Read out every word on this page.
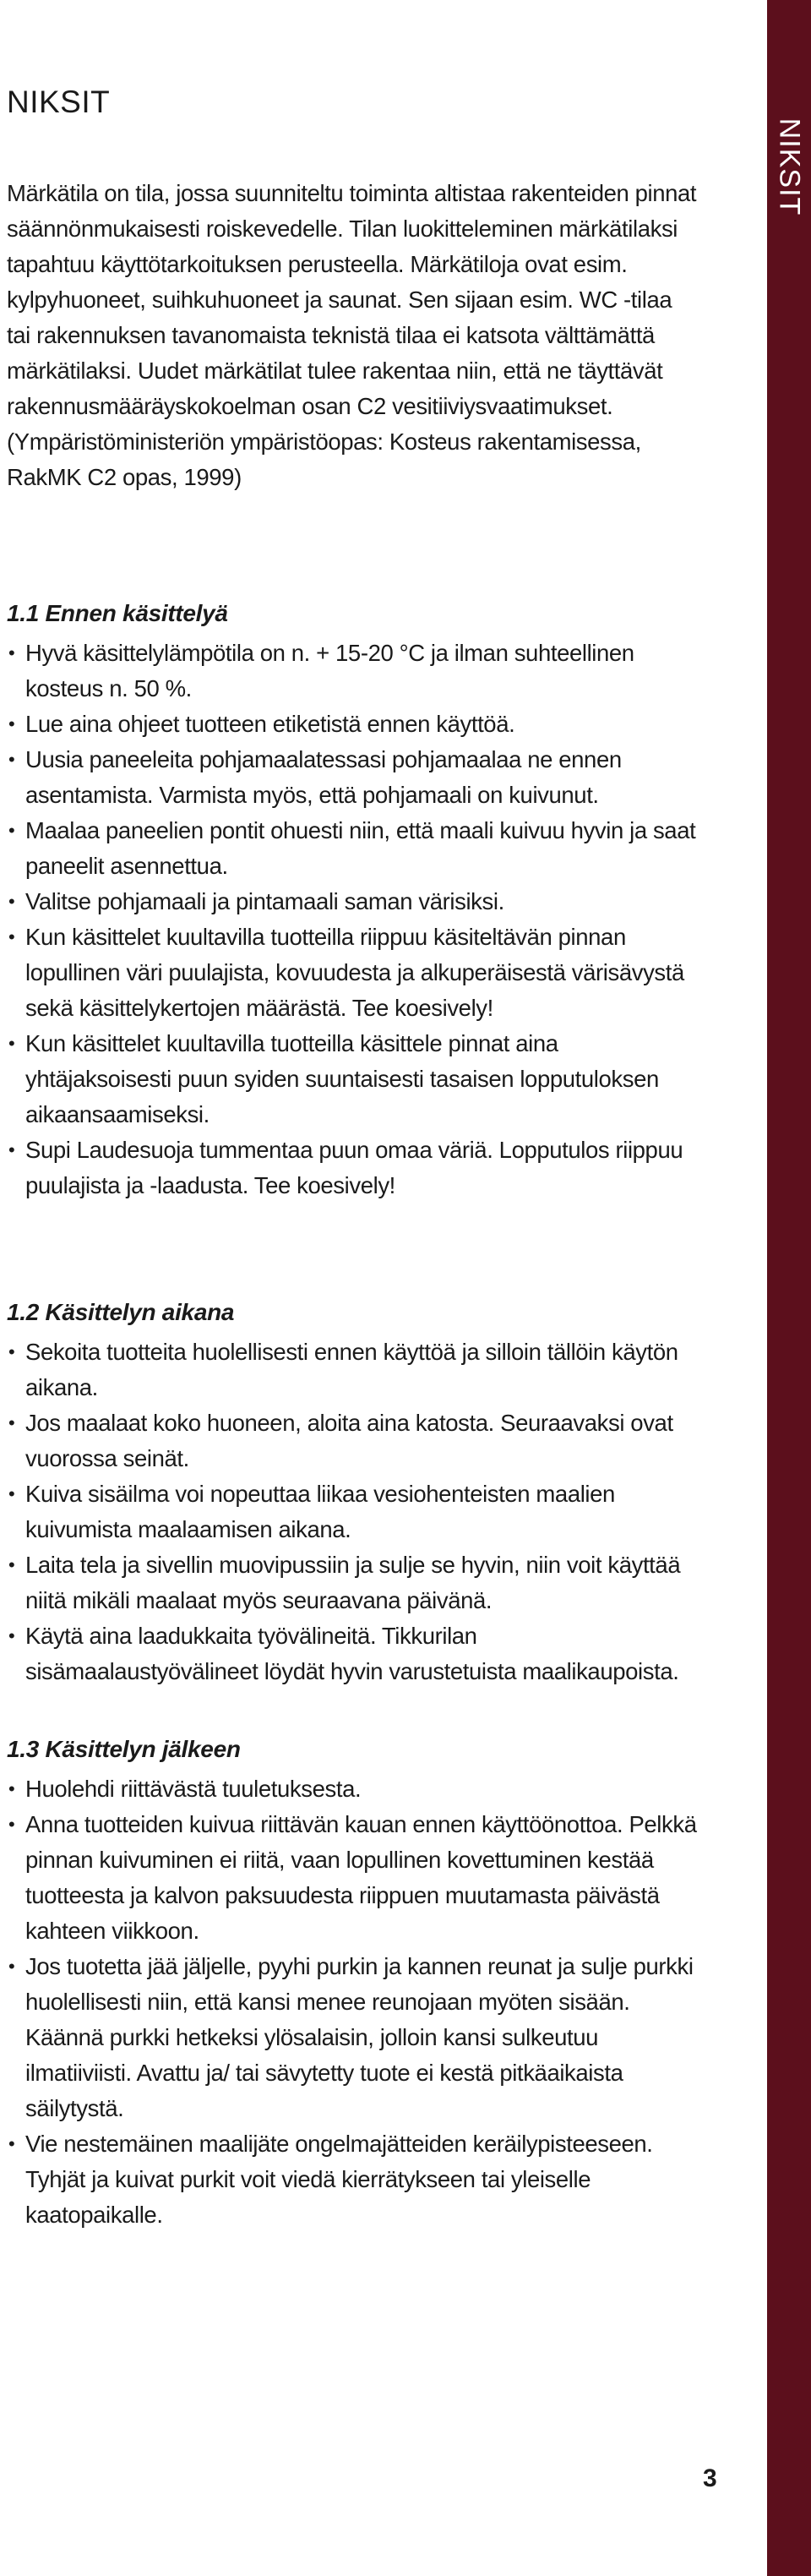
NIKSIT
NIKSIT

Märkätila on tila, jossa suunniteltu toiminta altistaa rakenteiden pinnat säännönmukaisesti roiskevedelle. Tilan luokitteleminen märkätilaksi tapahtuu käyttötarkoituksen perusteella. Märkätiloja ovat esim. kylpyhuoneet, suihkuhuoneet ja saunat. Sen sijaan esim. WC -tilaa tai rakennuksen tavanomaista teknistä tilaa ei katsota välttämättä märkätilaksi. Uudet märkätilat tulee rakentaa niin, että ne täyttävät rakennusmääräyskokoelman osan C2 vesitiiviysvaatimukset. (Ympäristöministeriön ympäristöopas: Kosteus rakentamisessa, RakMK C2 opas, 1999)

1.1 Ennen käsittelyä
• Hyvä käsittelylämpötila on n. + 15-20 °C ja ilman suhteellinen kosteus n. 50 %.
• Lue aina ohjeet tuotteen etiketistä ennen käyttöä.
• Uusia paneeleita pohjamaalatessasi pohjamaalaa ne ennen asentamista. Varmista myös, että pohjamaali on kuivunut.
• Maalaa paneelien pontit ohuesti niin, että maali kuivuu hyvin ja saat paneelit asennettua.
• Valitse pohjamaali ja pintamaali saman värisiksi.
• Kun käsittelet kuultavilla tuotteilla riippuu käsiteltävän pinnan lopullinen väri puulajista, kovuudesta ja alkuperäisestä värisävystä sekä käsittelykertojen määrästä. Tee koesively!
• Kun käsittelet kuultavilla tuotteilla käsittele pinnat aina yhtäjaksoisesti puun syiden suuntaisesti tasaisen lopputuloksen aikaansaamiseksi.
• Supi Laudesuoja tummentaa puun omaa väriä. Lopputulos riippuu puulajista ja -laadusta. Tee koesively!
1.2 Käsittelyn aikana
• Sekoita tuotteita huolellisesti ennen käyttöä ja silloin tällöin käytön aikana.
• Jos maalaat koko huoneen, aloita aina katosta. Seuraavaksi ovat vuorossa seinät.
• Kuiva sisäilma voi nopeuttaa liikaa vesiohenteisten maalien kuivumista maalaamisen aikana.
• Laita tela ja sivellin muovipussiin ja sulje se hyvin, niin voit käyttää niitä mikäli maalaat myös seuraavana päivänä.
• Käytä aina laadukkaita työvälineitä. Tikkurilan sisämaalaustyövälineet löydät hyvin varustetuista maalikaupoista.
1.3 Käsittelyn jälkeen
• Huolehdi riittävästä tuuletuksesta.
• Anna tuotteiden kuivua riittävän kauan ennen käyttöönottoa. Pelkkä pinnan kuivuminen ei riitä, vaan lopullinen kovettuminen kestää tuotteesta ja kalvon paksuudesta riippuen muutamasta päivästä kahteen viikkoon.
• Jos tuotetta jää jäljelle, pyyhi purkin ja kannen reunat ja sulje purkki huolellisesti niin, että kansi menee reunojaan myöten sisään. Käännä purkki hetkeksi ylösalaisin, jolloin kansi sulkeutuu ilmatiiviisti. Avattu ja/ tai sävytetty tuote ei kestä pitkäaikaista säilytystä.
• Vie nestemäinen maalijäte ongelmajätteiden keräilypisteeseen. Tyhjät ja kuivat purkit voit viedä kierrätykseen tai yleiselle kaatopaikalle.
3
